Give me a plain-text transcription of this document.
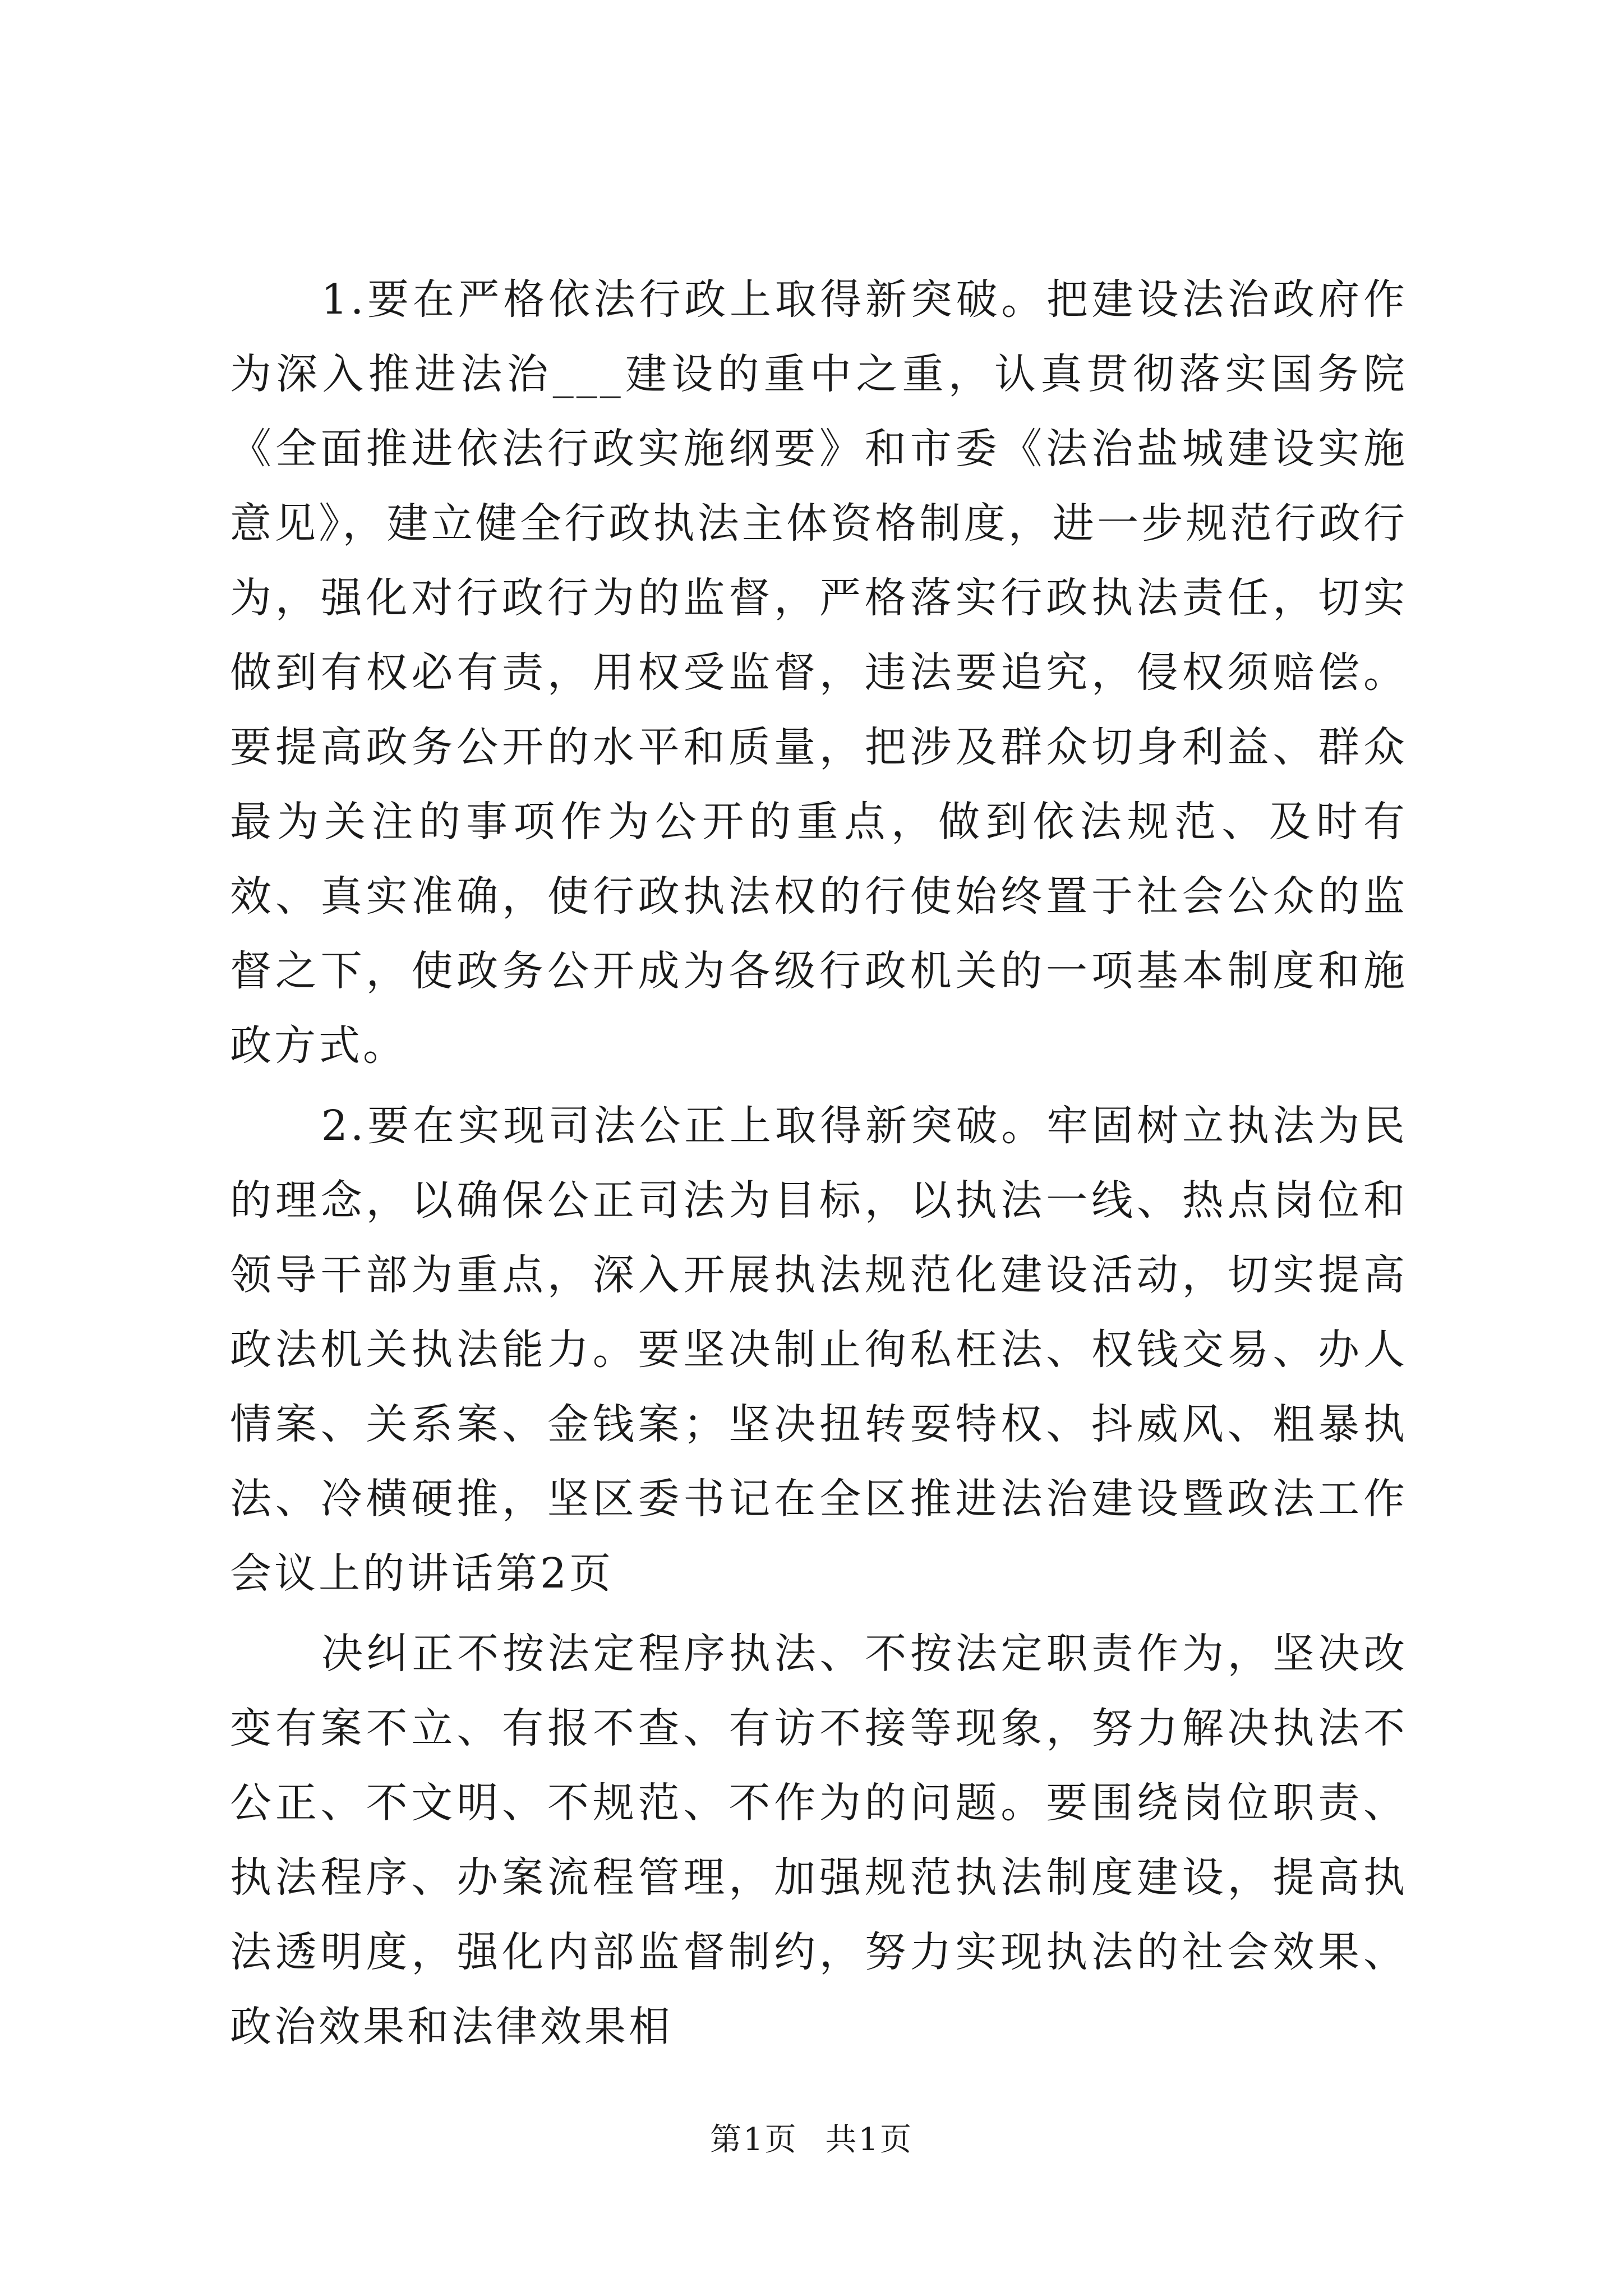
1.要在严格依法行政上取得新突破。把建设法治政府作为深入推进法治___建设的重中之重，认真贯彻落实国务院《全面推进依法行政实施纲要》和市委《法治盐城建设实施意见》，建立健全行政执法主体资格制度，进一步规范行政行为，强化对行政行为的监督，严格落实行政执法责任，切实做到有权必有责，用权受监督，违法要追究，侵权须赔偿。要提高政务公开的水平和质量，把涉及群众切身利益、群众最为关注的事项作为公开的重点，做到依法规范、及时有效、真实准确，使行政执法权的行使始终置于社会公众的监督之下，使政务公开成为各级行政机关的一项基本制度和施政方式。

2.要在实现司法公正上取得新突破。牢固树立执法为民的理念，以确保公正司法为目标，以执法一线、热点岗位和领导干部为重点，深入开展执法规范化建设活动，切实提高政法机关执法能力。要坚决制止徇私枉法、权钱交易、办人情案、关系案、金钱案；坚决扭转耍特权、抖威风、粗暴执法、冷横硬推，坚区委书记在全区推进法治建设暨政法工作会议上的讲话第2页

决纠正不按法定程序执法、不按法定职责作为，坚决改变有案不立、有报不查、有访不接等现象，努力解决执法不公正、不文明、不规范、不作为的问题。要围绕岗位职责、执法程序、办案流程管理，加强规范执法制度建设，提高执法透明度，强化内部监督制约，努力实现执法的社会效果、政治效果和法律效果相

第1页 共1页
